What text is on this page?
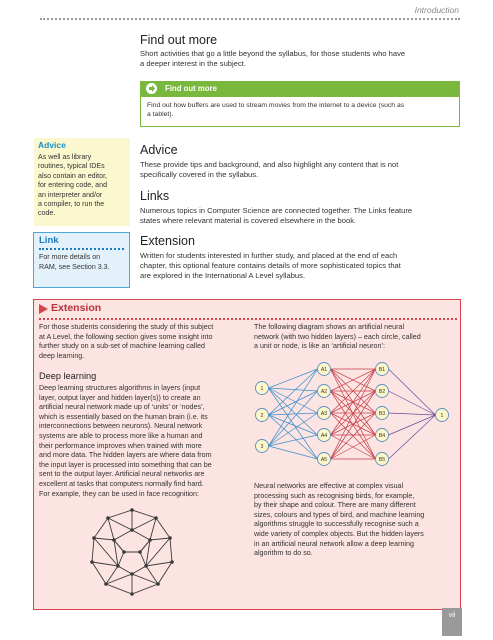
Introduction
Find out more
Short activities that go a little beyond the syllabus, for those students who have
a deeper interest in the subject.
Find out more
Find out how buffers are used to stream movies from the internet to a device (such as
a tablet).
Advice
As well as library
routines, typical IDEs
also contain an editor,
for entering code, and
an interpreter and/or
a compiler, to run the
code.
Link
For more details on
RAM, see Section 3.3.
Advice
These provide tips and background, and also highlight any content that is not
specifically covered in the syllabus.
Links
Numerous topics in Computer Science are connected together. The Links feature
states where relevant material is covered elsewhere in the book.
Extension
Written for students interested in further study, and placed at the end of each
chapter, this optional feature contains details of more sophisticated topics that
are explored in the International A Level syllabus.
Extension
For those students considering the study of this subject
at A Level, the following section gives some insight into
further study on a sub-set of machine learning called
deep learning.
Deep learning
Deep learning structures algorithms in layers (input
layer, output layer and hidden layer(s)) to create an
artificial neural network made up of ‘units’ or ‘nodes’,
which is essentially based on the human brain (i.e. its
interconnections between neurons). Neural network
systems are able to process more like a human and
their performance improves when trained with more
and more data. The hidden layers are where data from
the input layer is processed into something that can be
sent to the output layer. Artificial neural networks are
excellent at tasks that computers normally find hard.
For example, they can be used in face recognition:
The following diagram shows an artificial neural
network (with two hidden layers) – each circle, called
a unit or node, is like an ‘artificial neuron’:
1
2
3
A1
A2
A3
A4
A5
B1
B2
B3
B4
B5
1
Neural networks are effective at complex visual
processing such as recognising birds, for example,
by their shape and colour. There are many different
sizes, colours and types of bird, and machine learning
algorithms struggle to successfully recognise such a
wide variety of complex objects. But the hidden layers
in an artificial neural network allow a deep learning
algorithm to do so.
vii
